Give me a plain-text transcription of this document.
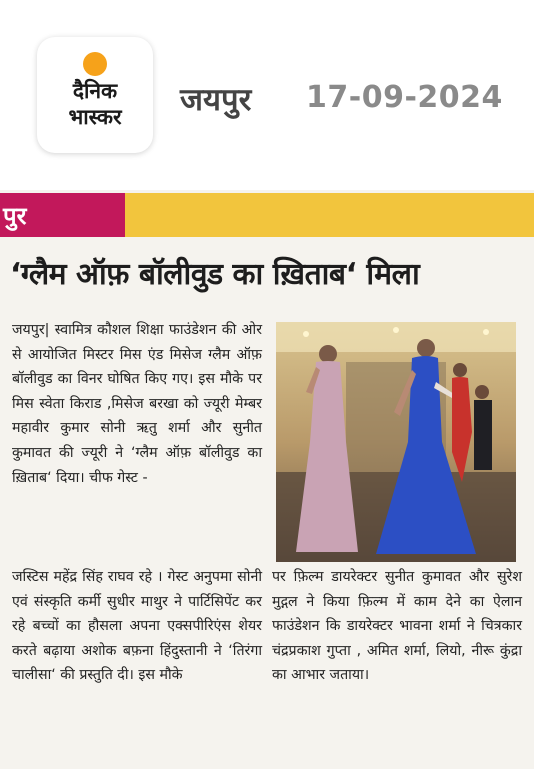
दैनिक
भास्कर	जयपुर 17-09-2024
पुर
‘ग्लैम ऑफ़ बॉलीवुड का ख़िताब‘ मिला
जयपुर| स्वामित्र कौशल शिक्षा फाउंडेशन की ओर से आयोजित मिस्टर मिस एंड मिसेज ग्लैम ऑफ़ बॉलीवुड का विनर घोषित किए गए। इस मौके पर मिस स्वेता किराड ,मिसेज बरखा को ज्यूरी मेम्बर महावीर कुमार सोनी ऋतु शर्मा और सुनीत कुमावत की ज्यूरी ने ‘ग्लैम ऑफ़ बॉलीवुड का ख़िताब‘ दिया। चीफ गेस्ट -
जस्टिस महेंद्र सिंह राघव रहे । गेस्ट अनुपमा सोनी एवं संस्कृति कर्मी सुधीर माथुर ने पार्टिसिपेंट कर रहे बच्चों का हौसला अपना एक्सपीरिएंस शेयर करते बढ़ाया अशोक बफ़ना हिंदुस्तानी ने ‘तिरंगा चालीसा‘ की प्रस्तुति दी। इस मौके
पर फ़िल्म डायरेक्टर सुनीत कुमावत और सुरेश मुद्गल ने किया फ़िल्म में काम देने का ऐलान फाउंडेशन कि डायरेक्टर भावना शर्मा ने चित्रकार चंद्रप्रकाश गुप्ता , अमित शर्मा, लियो, नीरू कुंद्रा का आभार जताया।
